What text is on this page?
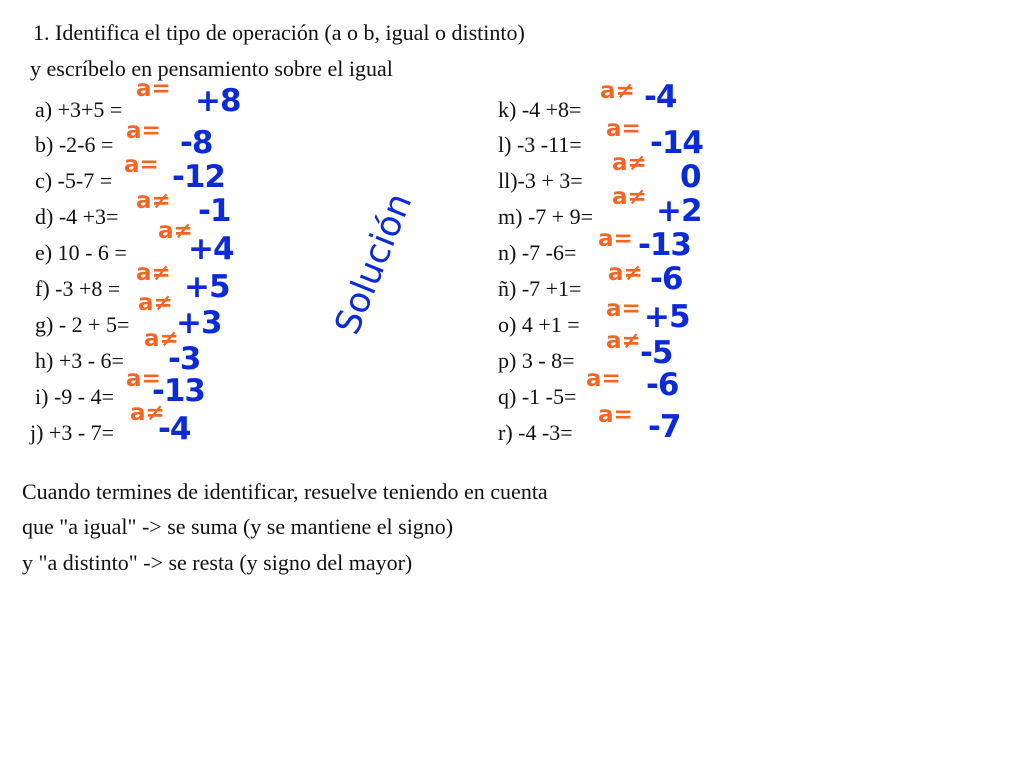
1. Identifica el tipo de operación (a o b, igual o distinto)

y escríbelo en pensamiento sobre el igual

a) +3+5 =
b) -2-6 =
c) -5-7 =
d) -4 +3=
e) 10 - 6 =
f) -3 +8 =
g) - 2 + 5=
h) +3 - 6=
i) -9 - 4=
j) +3 - 7=
a=
a=
a=
a≠
a≠
a≠
a≠
a≠
a=
a≠
+8
-8
-12
-1
+4
+5
+3
-3
-13
-4
Solución
k) -4 +8=
l) -3 -11=
ll)-3 + 3=
m) -7 + 9=
n) -7 -6=
ñ) -7 +1=
o) 4 +1 =
p) 3 - 8=
q) -1 -5=
r) -4 -3=
a≠
a=
a≠
a≠
a=
a≠
a=
a≠
a=
a=
-4
-14
0
+2
-13
-6
+5
-5
-6
-7

Cuando termines de identificar, resuelve teniendo en cuenta

que "a igual" -> se suma (y se mantiene el signo)

y "a distinto" -> se resta (y signo del mayor)
